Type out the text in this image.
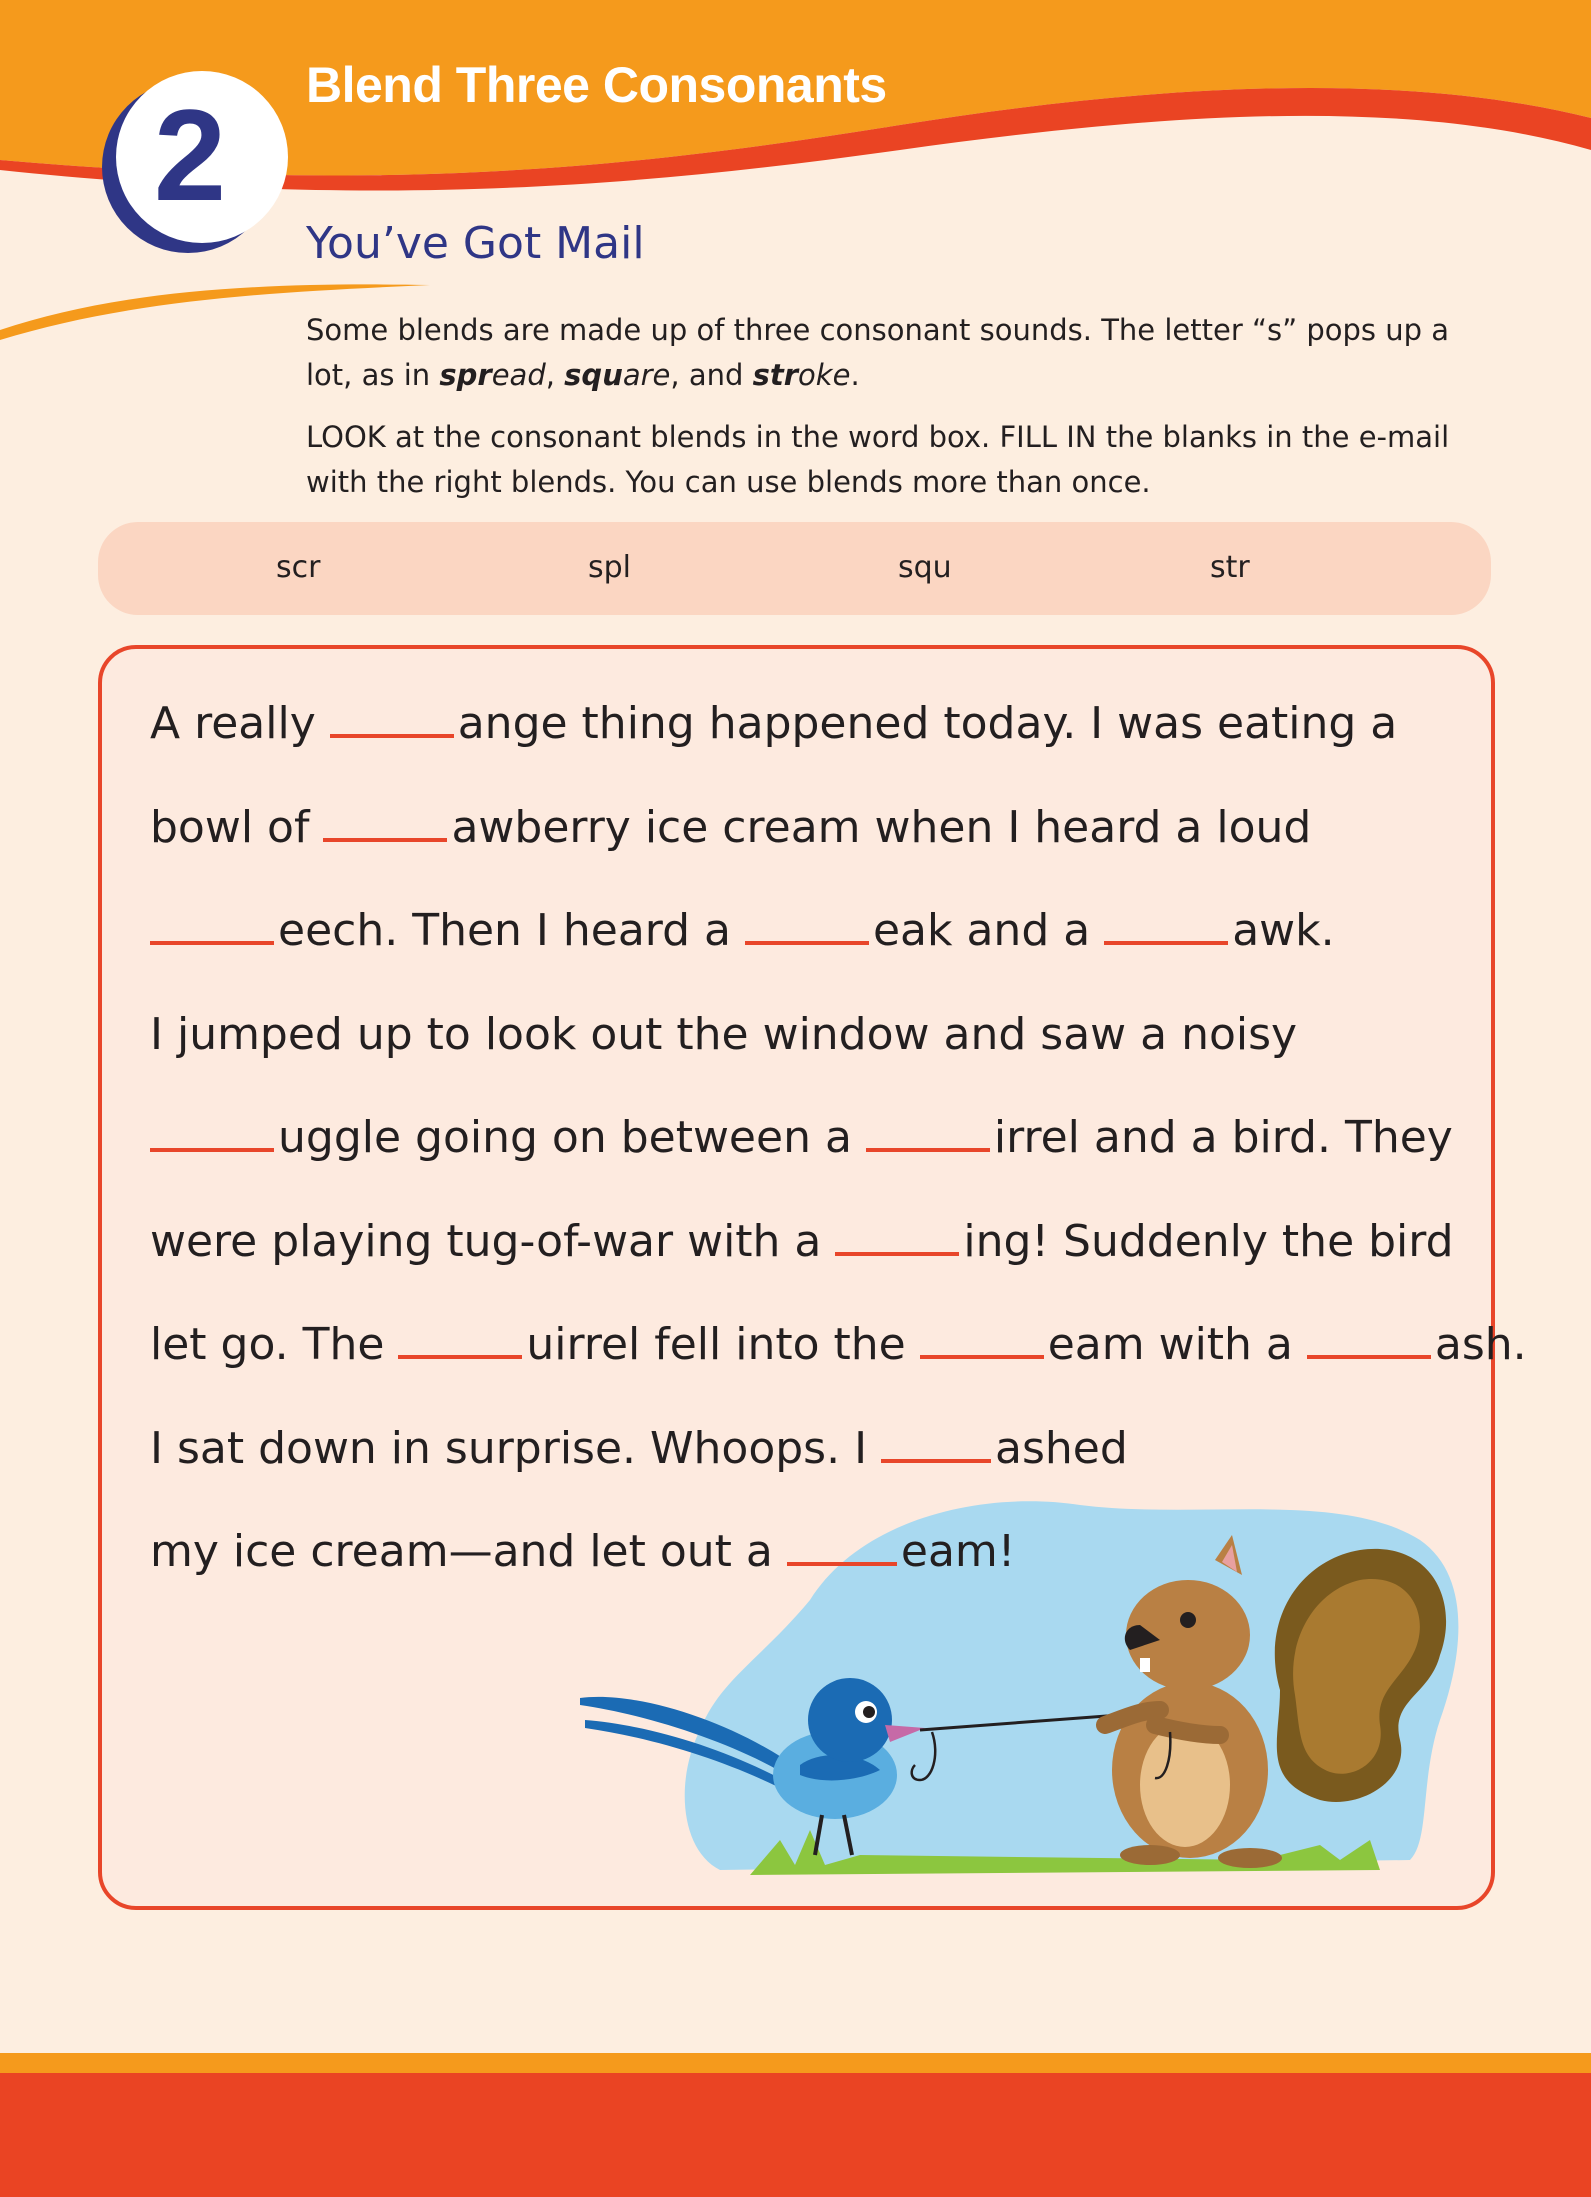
2 Blend Three Consonants
You’ve Got Mail

Some blends are made up of three consonant sounds. The letter “s” pops up a lot, as in spread, square, and stroke.

LOOK at the consonant blends in the word box. FILL IN the blanks in the e-mail with the right blends. You can use blends more than once.

scr	spl	squ	str
A really	ange thing happened today. I was eating a
bowl of	awberry ice cream when I heard a loud
eech. Then I heard a	eak and a	awk.
I jumped up to look out the window and saw a noisy
uggle going on between a	irrel and a bird. They
were playing tug-of-war with a	ing! Suddenly the bird
let go. The	uirrel fell into the	eam with a	ash.
I sat down in surprise. Whoops. I	ashed
my ice cream—and let out a	eam!
